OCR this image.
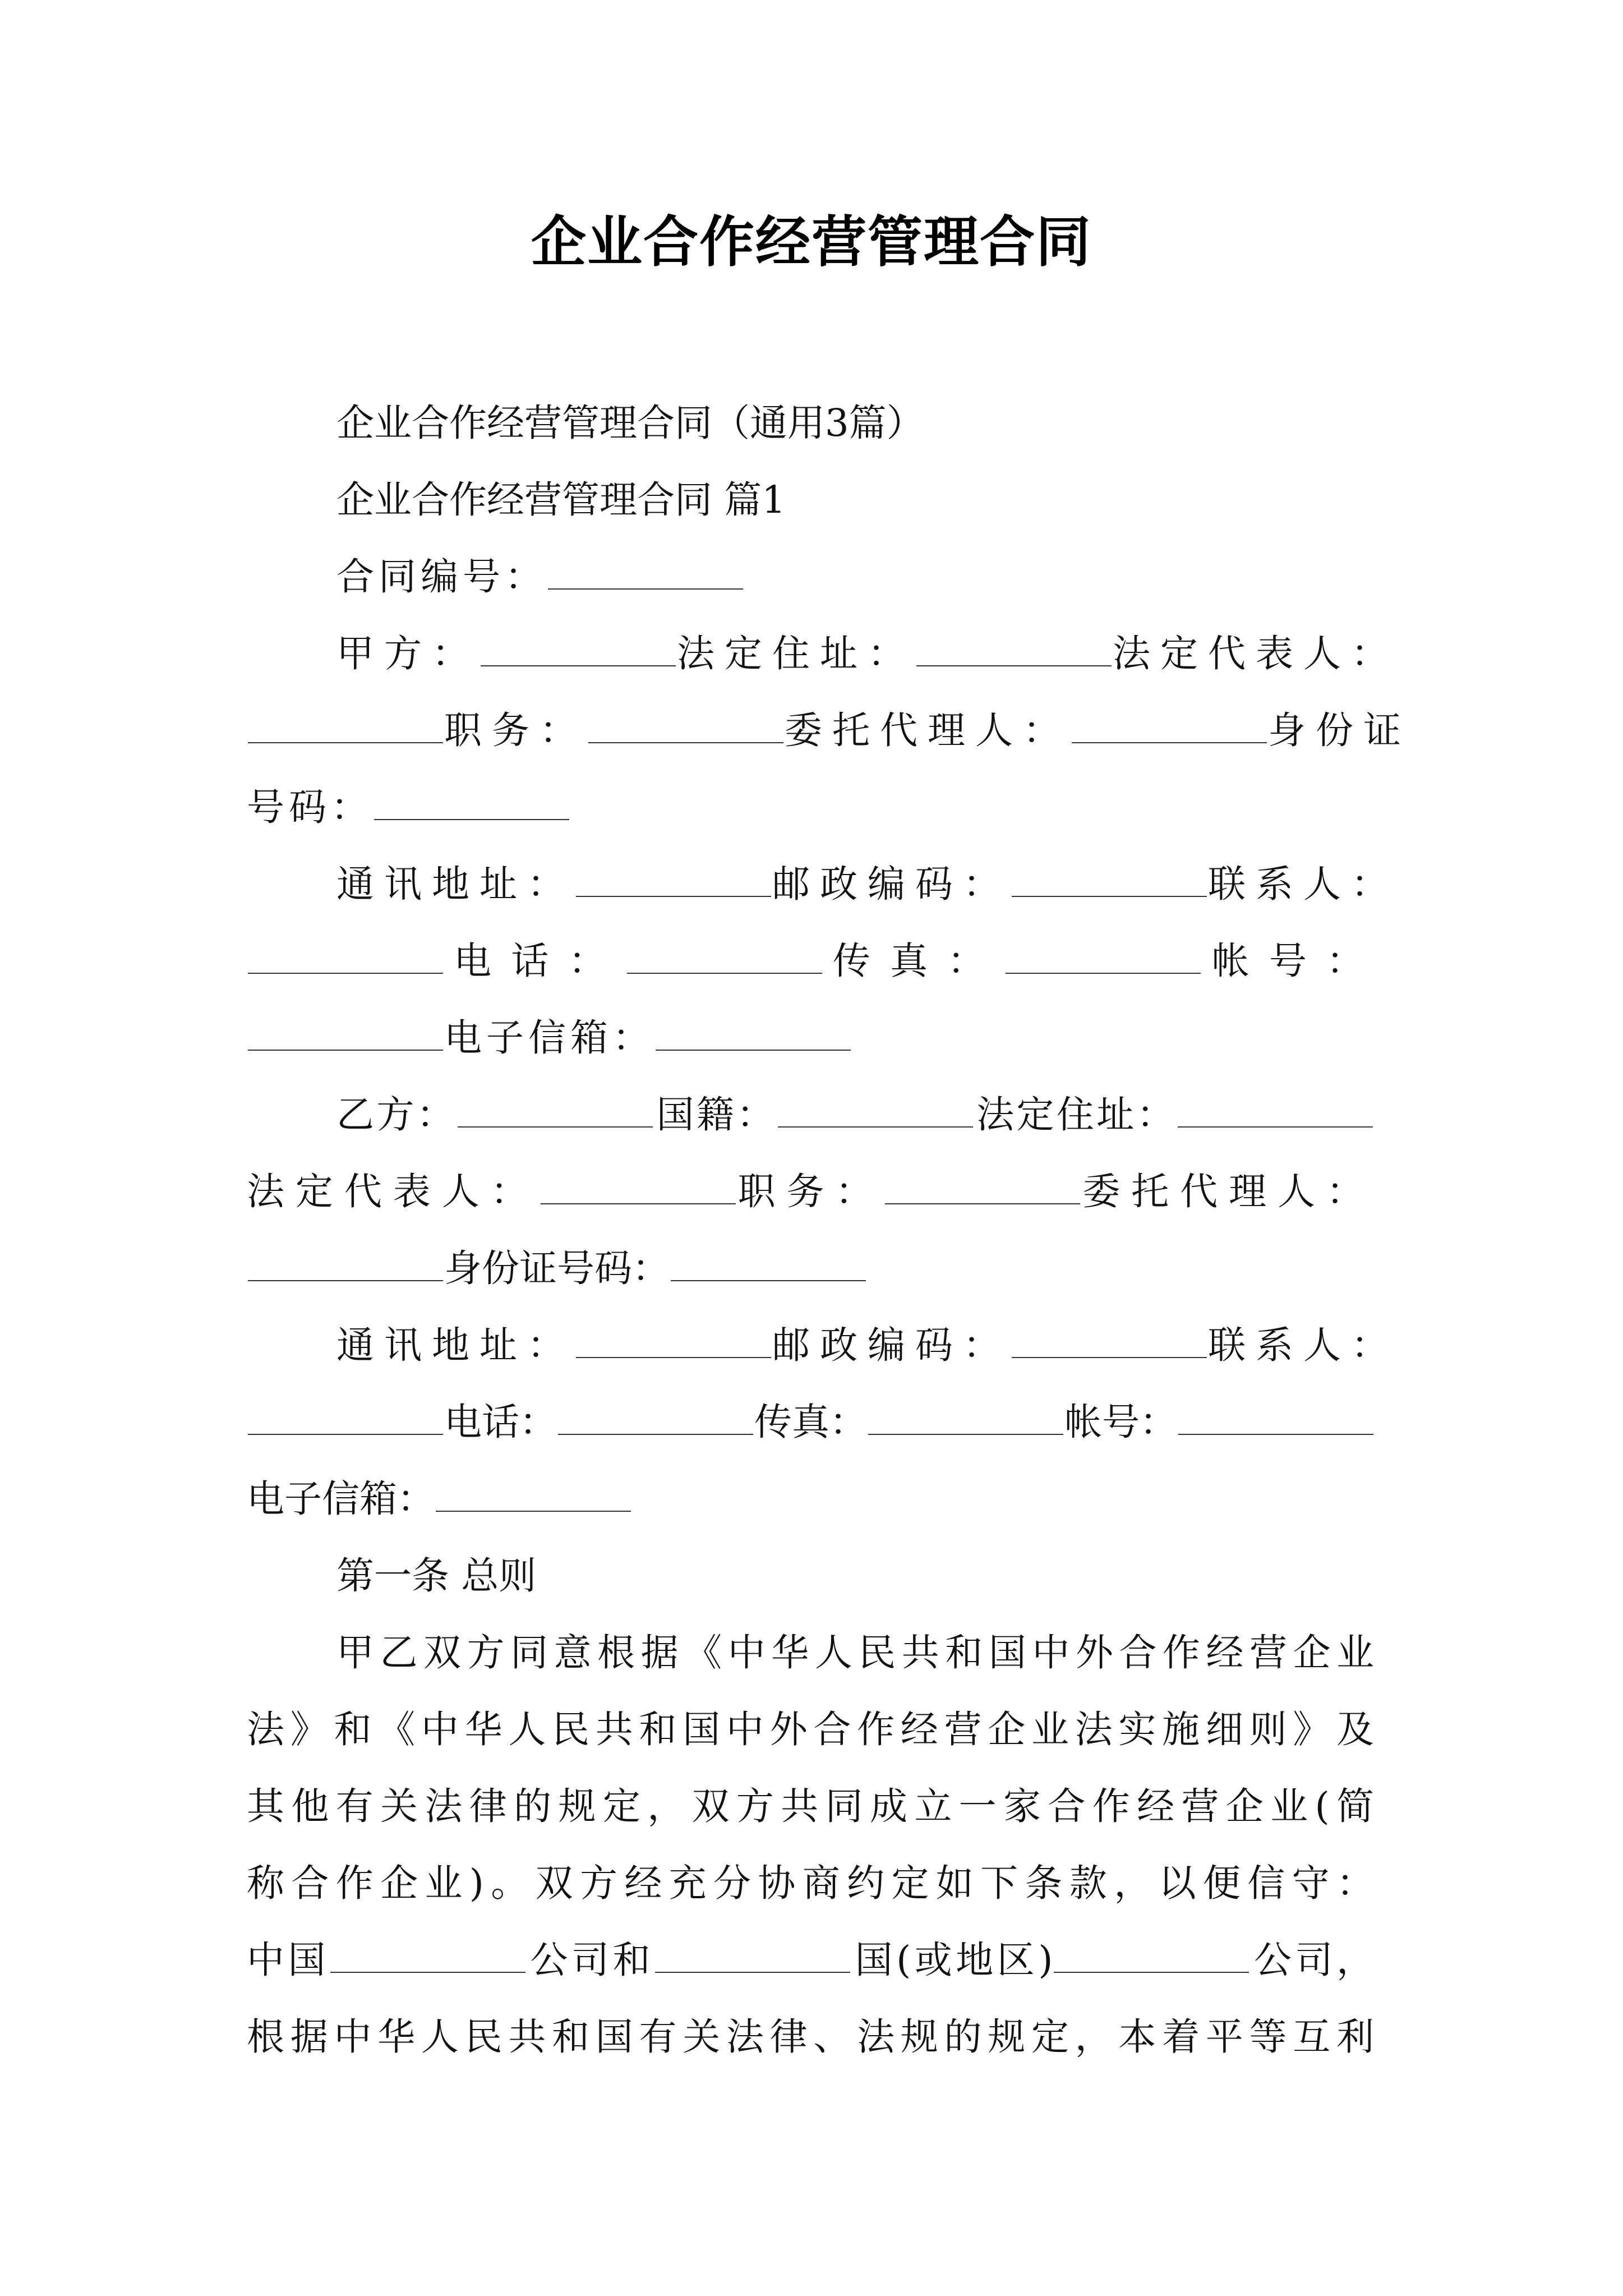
企业合作经营管理合同
企业合作经营管理合同（通用3篇）
企业合作经营管理合同 篇1
合同编号：
甲方：	法定住址：	法定代表人：
职务：	委托代理人：	身份证
号码：
通讯地址：	邮政编码：	联系人：
电话：	传真：	帐号：
电子信箱：
乙方：	国籍：	法定住址：
法定代表人：	职务：	委托代理人：
身份证号码：
通讯地址：	邮政编码：	联系人：
电话：	传真：	帐号：
电子信箱：
第一条 总则
甲乙双方同意根据《中华人民共和国中外合作经营企业
法》和《中华人民共和国中外合作经营企业法实施细则》及
其他有关法律的规定，双方共同成立一家合作经营企业(简
称合作企业)。双方经充分协商约定如下条款，以便信守：
中国	公司和	国(或地区)	公司，
根据中华人民共和国有关法律、法规的规定，本着平等互利
